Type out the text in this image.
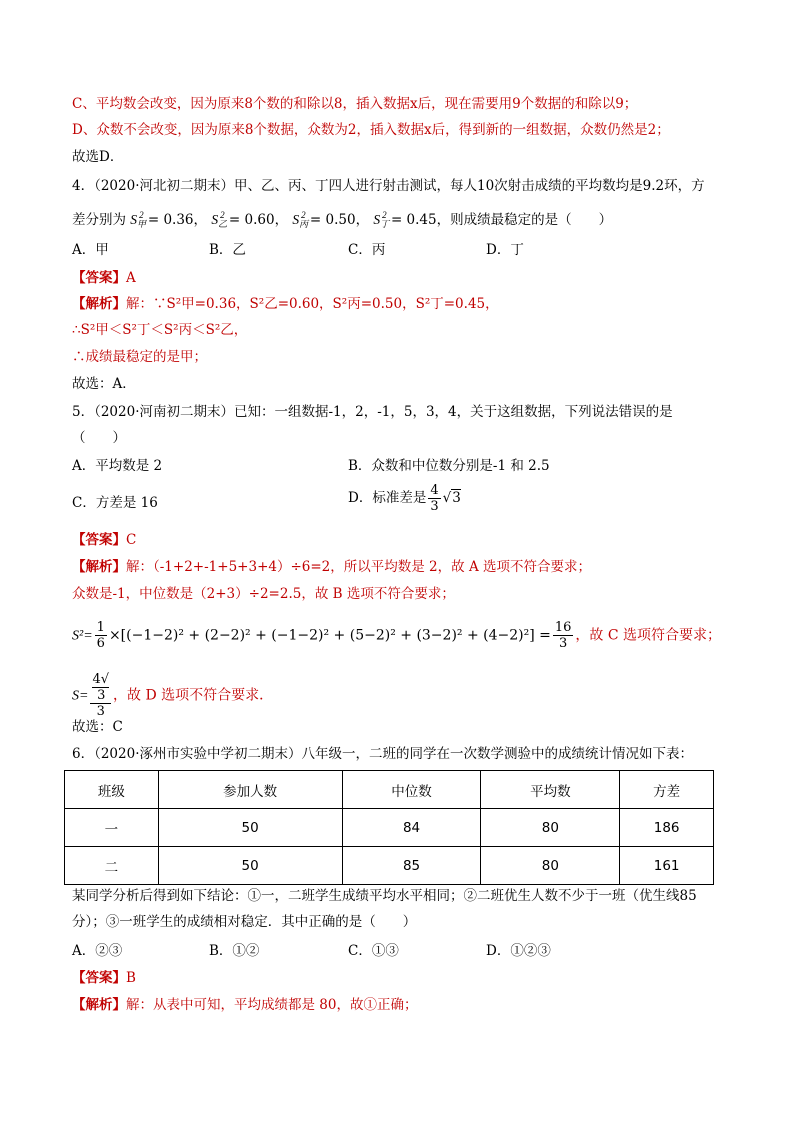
C、平均数会改变，因为原来8个数的和除以8，插入数据x后，现在需要用9个数据的和除以9；
D、众数不会改变，因为原来8个数据，众数为2，插入数据x后，得到新的一组数据，众数仍然是2；
故选D．
4．（2020·河北初二期末）甲、乙、丙、丁四人进行射击测试，每人10次射击成绩的平均数均是9.2环，方
差分别为 $S_甲^2 = 0.36$， $S_乙^2 = 0.60$， $S_丙^2 = 0.50$， $S_丁^2 = 0.45$，则成绩最稳定的是（　　）
A．甲	B．乙	C．丙	D．丁
【答案】A
【解析】解：∵S²甲=0.36，S²乙=0.60，S²丙=0.50，S²丁=0.45，
∴S²甲＜S²丁＜S²丙＜S²乙，
∴成绩最稳定的是甲；
故选：A．
5．（2020·河南初二期末）已知：一组数据-1，2，-1，5，3，4，关于这组数据，下列说法错误的是
（　　）
A．平均数是 2	B．众数和中位数分别是-1 和 2.5
C．方差是 16	D．标准差是 $\frac{4}{3} √3$
【答案】C
【解析】解：（-1+2+-1+5+3+4）÷6=2，所以平均数是 2，故 A 选项不符合要求；
众数是-1，中位数是（2+3）÷2=2.5，故 B 选项不符合要求；
$S^2= \frac{1}{6} \times[(-1-2)^2 + (2-2)^2 + (-1-2)^2 + (5-2)^2 + (3-2)^2 + (4-2)^2] = \frac{16}{3}$ ，故 C 选项符合要求；
S= 4√
3
3 ，故 D 选项不符合要求．
故选：C
6．（2020·涿州市实验中学初二期末）八年级一，二班的同学在一次数学测验中的成绩统计情况如下表：
班级	参加人数	中位数	平均数	方差
一	50	84	80	186
二	50	85	80	161
某同学分析后得到如下结论：①一，二班学生成绩平均水平相同；②二班优生人数不少于一班（优生线85
分）；③一班学生的成绩相对稳定．其中正确的是（　　）
A．②③	B．①②	C．①③	D．①②③
【答案】B
【解析】解：从表中可知，平均成绩都是 80，故①正确；
